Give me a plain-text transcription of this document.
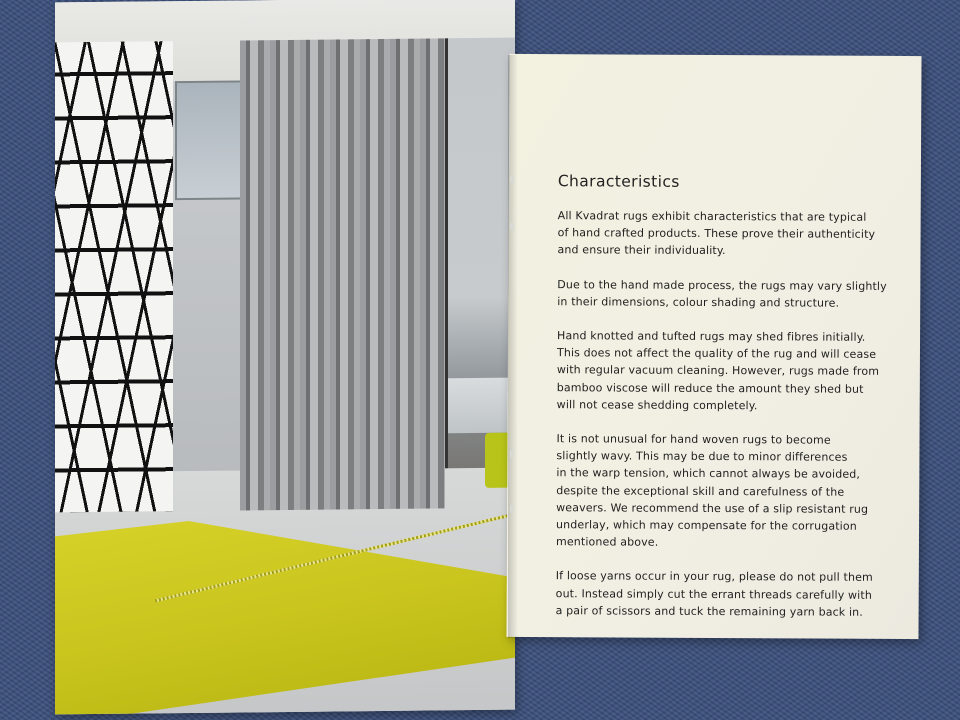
Characteristics

All Kvadrat rugs exhibit characteristics that are typical
of hand crafted products. These prove their authenticity
and ensure their individuality.

Due to the hand made process, the rugs may vary slightly
in their dimensions, colour shading and structure.

Hand knotted and tufted rugs may shed fibres initially.
This does not affect the quality of the rug and will cease
with regular vacuum cleaning. However, rugs made from
bamboo viscose will reduce the amount they shed but
will not cease shedding completely.

It is not unusual for hand woven rugs to become
slightly wavy. This may be due to minor differences
in the warp tension, which cannot always be avoided,
despite the exceptional skill and carefulness of the
weavers. We recommend the use of a slip resistant rug
underlay, which may compensate for the corrugation
mentioned above.

If loose yarns occur in your rug, please do not pull them
out. Instead simply cut the errant threads carefully with
a pair of scissors and tuck the remaining yarn back in.
